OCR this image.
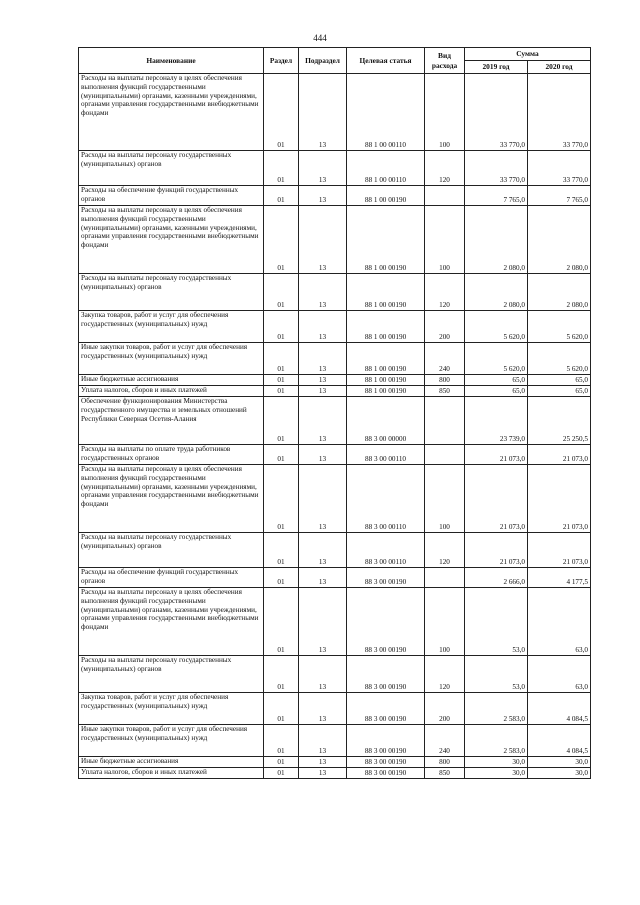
444
Наименование	Раздел	Подраздел	Целевая статья	Вид расхода	Сумма	
					2019 год	2020 год
Расходы на выплаты персоналу в целях обеспечения выполнения функций государственными (муниципальными) органами, казенными учреждениями, органами управления государственными внебюджетными фондами	01	13	88 1 00 00110	100	33 770,0	33 770,0
Расходы на выплаты персоналу государственных (муниципальных) органов	01	13	88 1 00 00110	120	33 770,0	33 770,0
Расходы на обеспечение функций государственных органов	01	13	88 1 00 00190		7 765,0	7 765,0
Расходы на выплаты персоналу в целях обеспечения выполнения функций государственными (муниципальными) органами, казенными учреждениями, органами управления государственными внебюджетными фондами	01	13	88 1 00 00190	100	2 080,0	2 080,0
Расходы на выплаты персоналу государственных (муниципальных) органов	01	13	88 1 00 00190	120	2 080,0	2 080,0
Закупка товаров, работ и услуг для обеспечения государственных (муниципальных) нужд	01	13	88 1 00 00190	200	5 620,0	5 620,0
Иные закупки товаров, работ и услуг для обеспечения государственных (муниципальных) нужд	01	13	88 1 00 00190	240	5 620,0	5 620,0
Иные бюджетные ассигнования	01	13	88 1 00 00190	800	65,0	65,0
Уплата налогов, сборов и иных платежей	01	13	88 1 00 00190	850	65,0	65,0
Обеспечение функционирования Министерства государственного имущества и земельных отношений Республики Северная Осетия-Алания	01	13	88 3 00 00000		23 739,0	25 250,5
Расходы на выплаты по оплате труда работников государственных органов	01	13	88 3 00 00110		21 073,0	21 073,0
Расходы на выплаты персоналу в целях обеспечения выполнения функций государственными (муниципальными) органами, казенными учреждениями, органами управления государственными внебюджетными фондами	01	13	88 3 00 00110	100	21 073,0	21 073,0
Расходы на выплаты персоналу государственных (муниципальных) органов	01	13	88 3 00 00110	120	21 073,0	21 073,0
Расходы на обеспечение функций государственных органов	01	13	88 3 00 00190		2 666,0	4 177,5
Расходы на выплаты персоналу в целях обеспечения выполнения функций государственными (муниципальными) органами, казенными учреждениями, органами управления государственными внебюджетными фондами	01	13	88 3 00 00190	100	53,0	63,0
Расходы на выплаты персоналу государственных (муниципальных) органов	01	13	88 3 00 00190	120	53,0	63,0
Закупка товаров, работ и услуг для обеспечения государственных (муниципальных) нужд	01	13	88 3 00 00190	200	2 583,0	4 084,5
Иные закупки товаров, работ и услуг для обеспечения государственных (муниципальных) нужд	01	13	88 3 00 00190	240	2 583,0	4 084,5
Иные бюджетные ассигнования	01	13	88 3 00 00190	800	30,0	30,0
Уплата налогов, сборов и иных платежей	01	13	88 3 00 00190	850	30,0	30,0
